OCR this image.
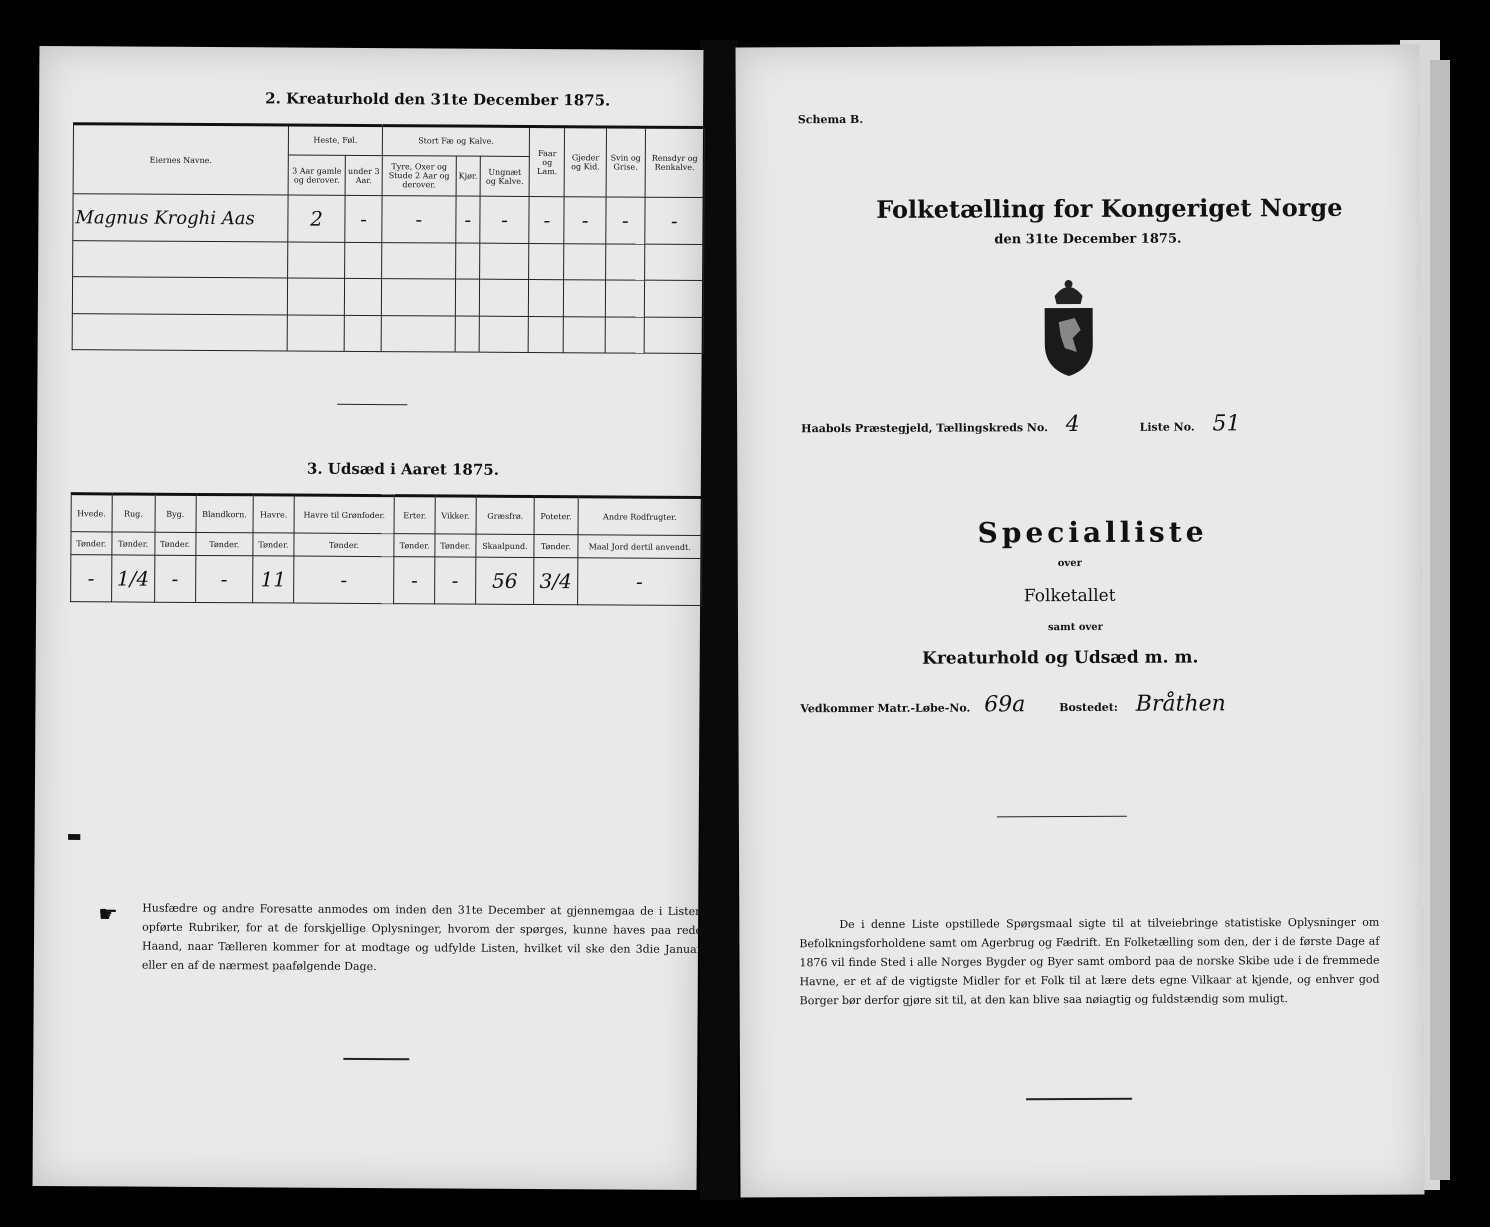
2. Kreaturhold den 31te December 1875.
Eiernes Navne.	Heste, Føl.		Stort Fæ og Kalve.			Faar og Lam.	Gjeder og Kid.	Svin og Grise.	Rensdyr og Renkalve.
	3 Aar gamle og derover.	under 3 Aar.	Tyre, Oxer og Stude 2 Aar og derover.	Kjør.	Ungnæt og Kalve.				
Magnus Kroghi Aas	2	-	-	-	-	-	-	-	-

3. Udsæd i Aaret 1875.
Hvede.	Rug.	Byg.	Blandkorn.	Havre.	Havre til Grønfoder.	Erter.	Vikker.	Græsfrø.	Poteter.	Andre Rodfrugter.
Tønder.	Tønder.	Tønder.	Tønder.	Tønder.	Tønder.	Tønder.	Tønder.	Skaalpund.	Tønder.	Maal Jord dertil anvendt.
-	1/4	-	-	11	-	-	-	56	3/4	-
▬
☛ Husfædre og andre Foresatte anmodes om inden den 31te December at gjennemgaa de i Listen opførte Rubriker, for at de forskjellige Oplysninger, hvorom der spørges, kunne haves paa rede Haand, naar Tælleren kommer for at modtage og udfylde Listen, hvilket vil ske den 3die Januar eller en af de nærmest paafølgende Dage.
Schema B.
Folketælling for Kongeriget Norge
den 31te December 1875.
Haabols Præstegjeld, Tællingskreds No. 4	Liste No. 51
Specialliste
over
Folketallet
samt over
Kreaturhold og Udsæd m. m.
Vedkommer Matr.-Løbe-No. 69a	Bostedet: Bråthen
De i denne Liste opstillede Spørgsmaal sigte til at tilveiebringe statistiske Oplysninger om Befolkningsforholdene samt om Agerbrug og Fædrift. En Folketælling som den, der i de første Dage af 1876 vil finde Sted i alle Norges Bygder og Byer samt ombord paa de norske Skibe ude i de fremmede Havne, er et af de vigtigste Midler for et Folk til at lære dets egne Vilkaar at kjende, og enhver god Borger bør derfor gjøre sit til, at den kan blive saa nøiagtig og fuldstændig som muligt.
